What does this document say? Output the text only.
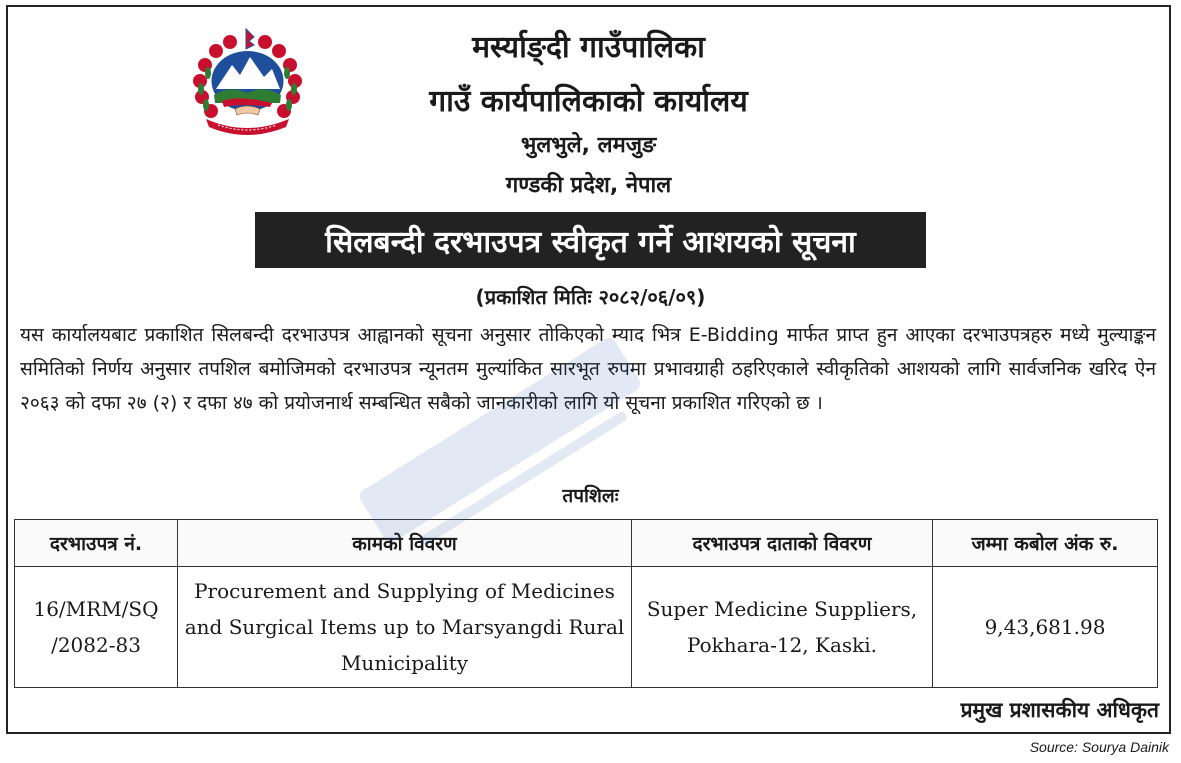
मर्स्याङ्दी गाउँपालिका
गाउँ कार्यपालिकाको कार्यालय
भुलभुले, लमजुङ
गण्डकी प्रदेश, नेपाल
सिलबन्दी दरभाउपत्र स्वीकृत गर्ने आशयको सूचना
(प्रकाशित मितिः २०८२/०६/०९)

यस कार्यालयबाट प्रकाशित सिलबन्दी दरभाउपत्र आह्वानको सूचना अनुसार तोकिएको म्याद भित्र E-Bidding मार्फत प्राप्त हुन आएका दरभाउपत्रहरु मध्ये मुल्याङ्कन समितिको निर्णय अनुसार तपशिल बमोजिमको दरभाउपत्र न्यूनतम मुल्यांकित सारभूत रुपमा प्रभावग्राही ठहरिएकाले स्वीकृतिको आशयको लागि सार्वजनिक खरिद ऐन २०६३ को दफा २७ (२) र दफा ४७ को प्रयोजनार्थ सम्बन्धित सबैको जानकारीको लागि यो सूचना प्रकाशित गरिएको छ ।

तपशिलः
दरभाउपत्र नं.	कामको विवरण	दरभाउपत्र दाताको विवरण	जम्मा कबोल अंक रु.
16/MRM/SQ /2082-83	Procurement and Supplying of Medicines and Surgical Items up to Marsyangdi Rural Municipality	Super Medicine Suppliers, Pokhara-12, Kaski.	9,43,681.98
प्रमुख प्रशासकीय अधिकृत
Source: Sourya Dainik
